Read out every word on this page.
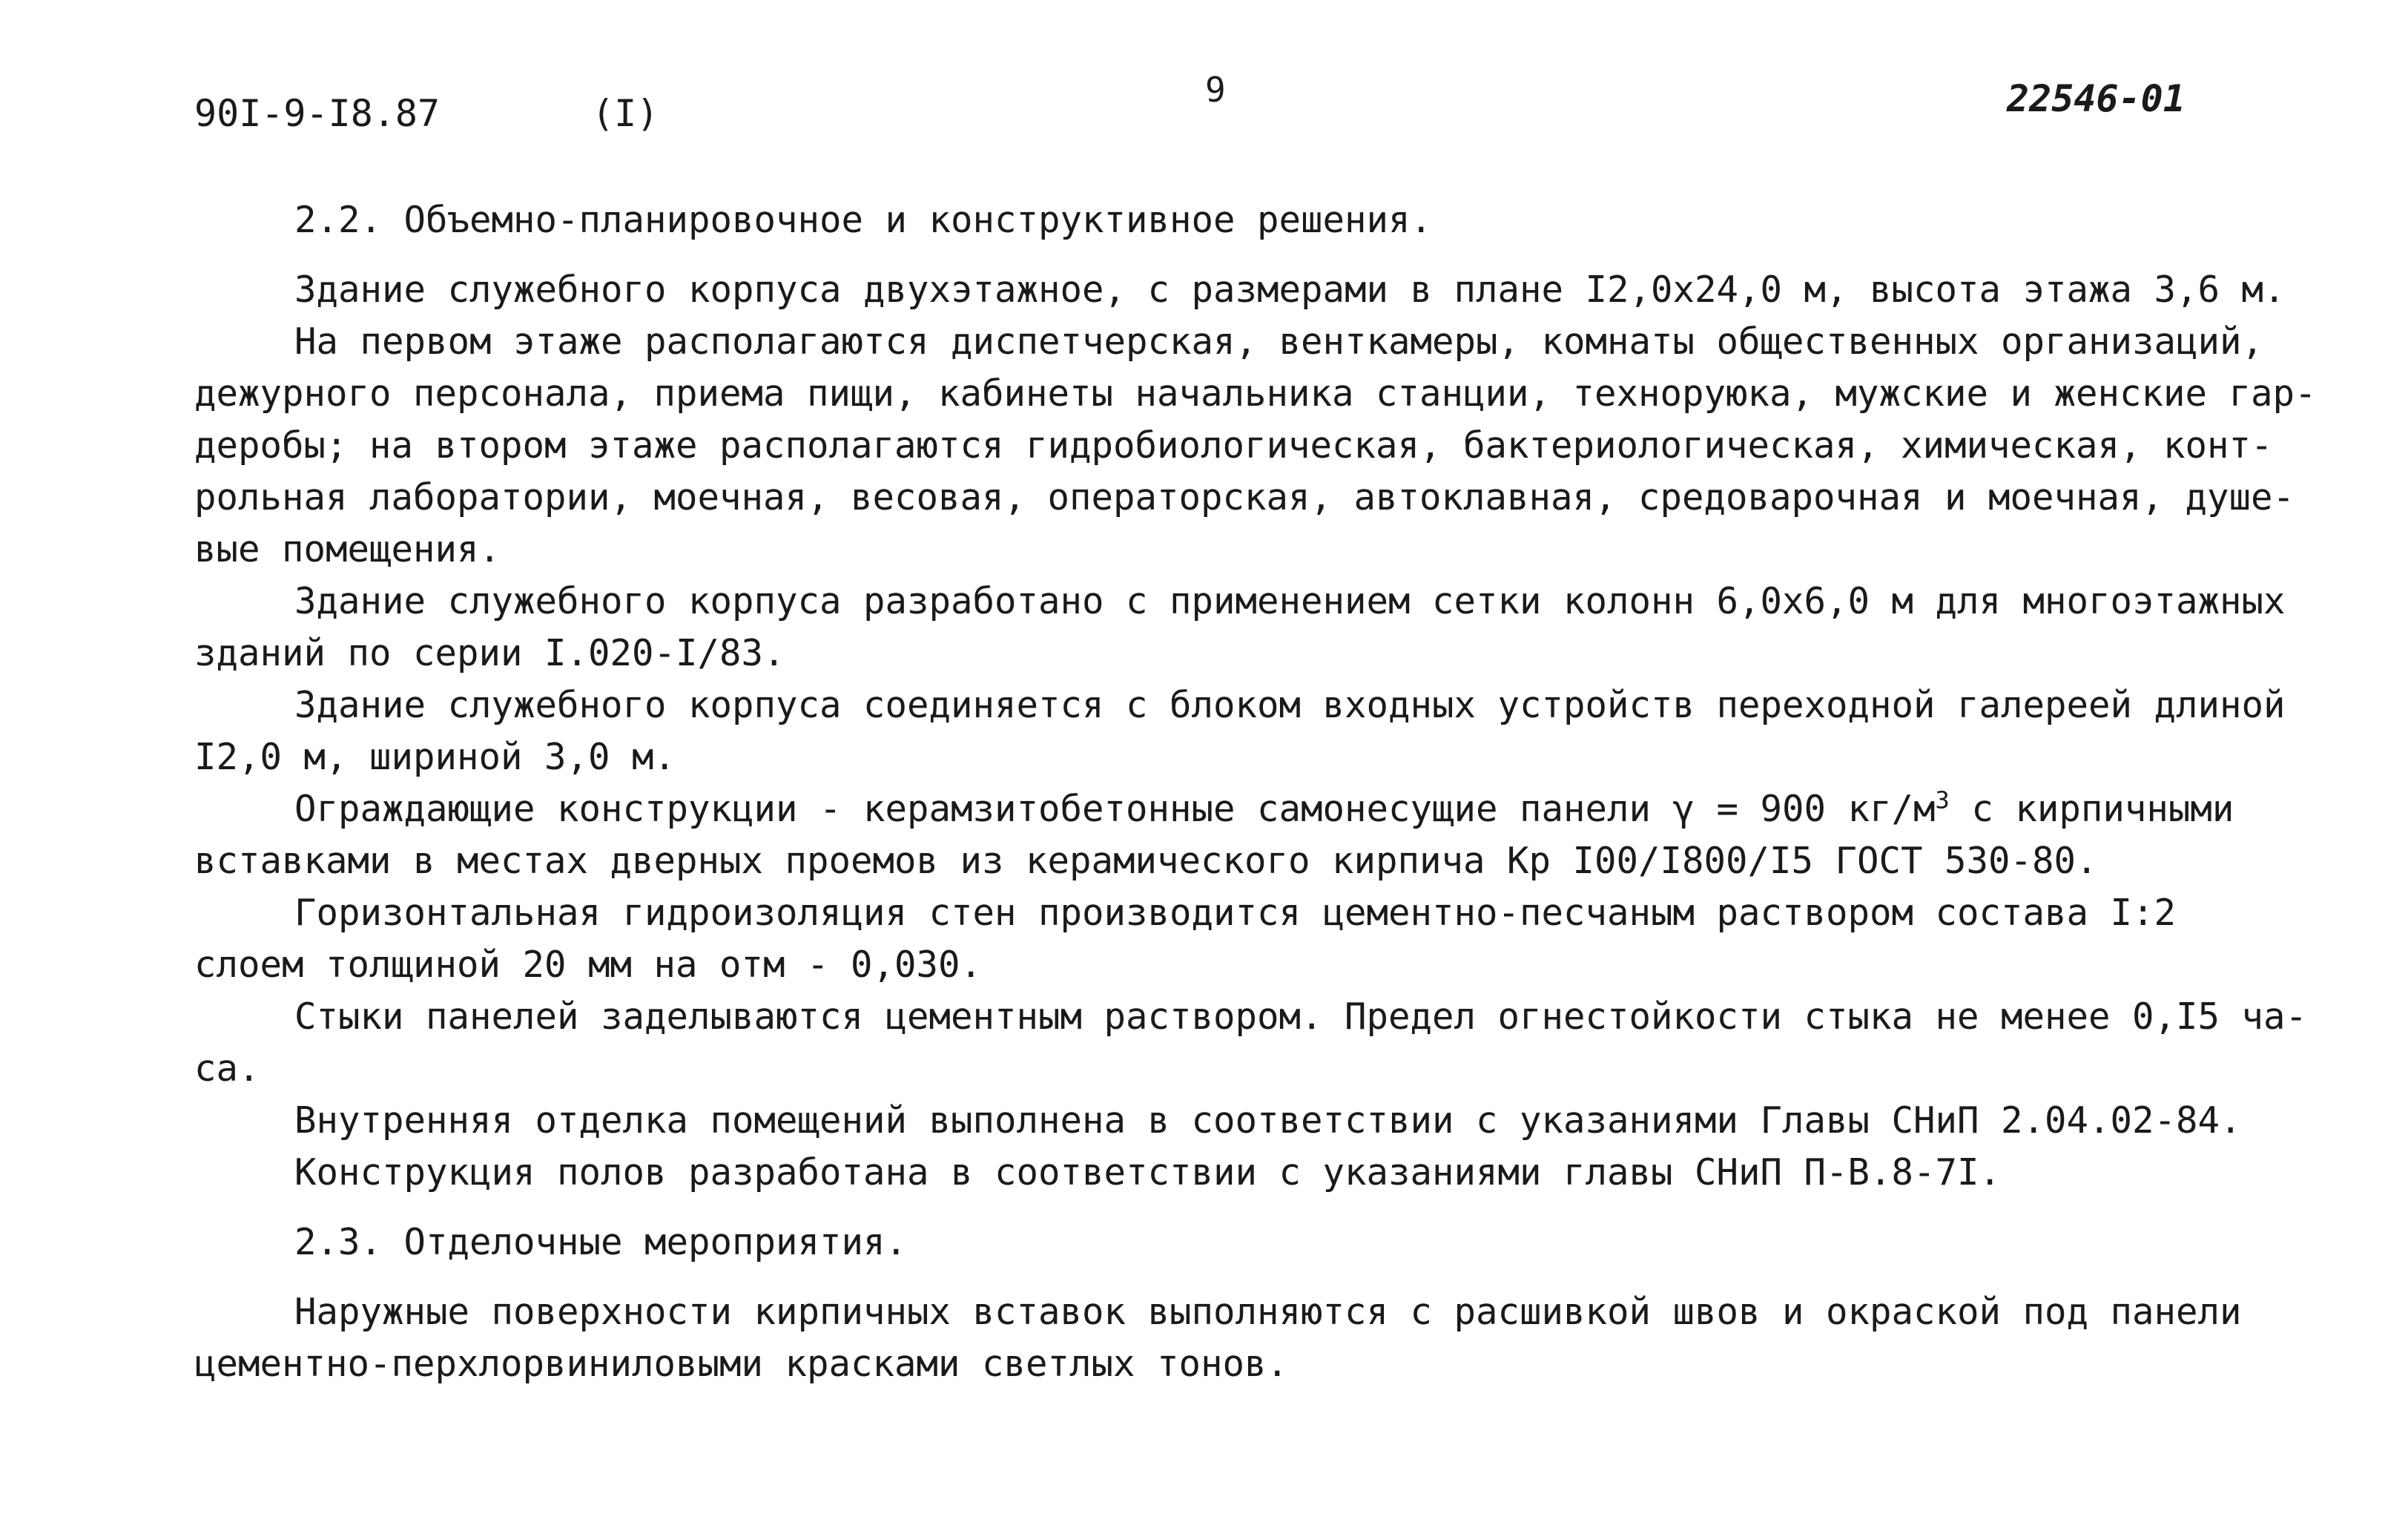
90I-9-I8.87	(I)
9	22546-01
2.2. Объемно-планировочное и конструктивное решения.
Здание служебного корпуса двухэтажное, с размерами в плане I2,0x24,0 м, высота этажа 3,6 м.
На первом этаже располагаются диспетчерская, венткамеры, комнаты общественных организаций,
дежурного персонала, приема пищи, кабинеты начальника станции, техноруюка, мужские и женские гар-
деробы; на втором этаже располагаются гидробиологическая, бактериологическая, химическая, конт-
рольная лаборатории, моечная, весовая, операторская, автоклавная, средоварочная и моечная, душе-
вые помещения.
Здание служебного корпуса разработано с применением сетки колонн 6,0x6,0 м для многоэтажных
зданий по серии I.020-I/83.
Здание служебного корпуса соединяется с блоком входных устройств переходной галереей длиной
I2,0 м, шириной 3,0 м.
Ограждающие конструкции - керамзитобетонные самонесущие панели γ = 900 $кг/м^3$ с кирпичными
вставками в местах дверных проемов из керамического кирпича Кр I00/I800/I5 ГОСТ 530-80.
Горизонтальная гидроизоляция стен производится цементно-песчаным раствором состава I:2
слоем толщиной 20 мм на отм - 0,030.
Стыки панелей заделываются цементным раствором. Предел огнестойкости стыка не менее 0,I5 ча-
са.
Внутренняя отделка помещений выполнена в соответствии с указаниями Главы СНиП 2.04.02-84.
Конструкция полов разработана в соответствии с указаниями главы СНиП П-В.8-7I.
2.3. Отделочные мероприятия.
Наружные поверхности кирпичных вставок выполняются с расшивкой швов и окраской под панели
цементно-перхлорвиниловыми красками светлых тонов.
